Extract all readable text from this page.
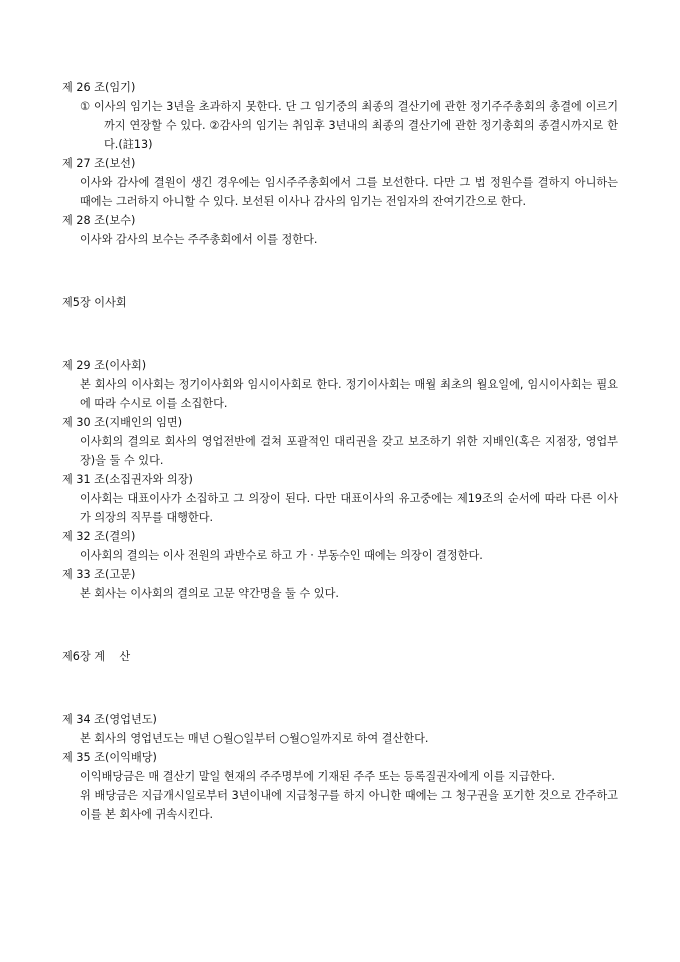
제 26 조(임기)

① 이사의 임기는 3년을 초과하지 못한다. 단 그 임기중의 최종의 결산기에 관한 정기주주총회의 총결에 이르기까지 연장할 수 있다. ②감사의 임기는 취임후 3년내의 최종의 결산기에 관한 정기총회의 종결시까지로 한다.(註13)

제 27 조(보선)

이사와 감사에 결원이 생긴 경우에는 임시주주총회에서 그를 보선한다. 다만 그 법 정원수를 결하지 아니하는 때에는 그러하지 아니할 수 있다. 보선된 이사나 감사의 임기는 전임자의 잔여기간으로 한다.

제 28 조(보수)

이사와 감사의 보수는 주주총회에서 이를 정한다.

제5장 이사회

제 29 조(이사회)

본 회사의 이사회는 정기이사회와 임시이사회로 한다. 정기이사회는 매월 최초의 월요일에, 임시이사회는 필요에 따라 수시로 이를 소집한다.

제 30 조(지배인의 임면)

이사회의 결의로 회사의 영업전반에 걸쳐 포괄적인 대리권을 갖고 보조하기 위한 지배인(혹은 지점장, 영업부장)을 둘 수 있다.

제 31 조(소집권자와 의장)

이사회는 대표이사가 소집하고 그 의장이 된다. 다만 대표이사의 유고중에는 제19조의 순서에 따라 다른 이사가 의장의 직무를 대행한다.

제 32 조(결의)

이사회의 결의는 이사 전원의 과반수로 하고 가 · 부동수인 때에는 의장이 결정한다.

제 33 조(고문)

본 회사는 이사회의 결의로 고문 약간명을 둘 수 있다.

제6장 계    산

제 34 조(영업년도)

본 회사의 영업년도는 매년 ○월○일부터 ○월○일까지로 하여 결산한다.

제 35 조(이익배당)

이익배당금은 매 결산기 말일 현재의 주주명부에 기재된 주주 또는 등록질권자에게 이를 지급한다.

위 배당금은 지급개시일로부터 3년이내에 지급청구를 하지 아니한 때에는 그 청구권을 포기한 것으로 간주하고 이를 본 회사에 귀속시킨다.
